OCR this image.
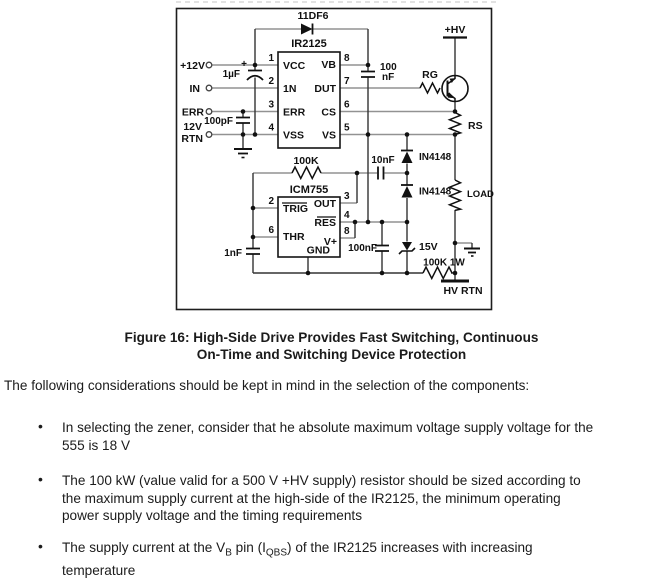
IR2125
ICM755
1
2
3
4
8
7
6
5
VCC
1N
ERR
VSS
VB
DUT
CS
VS
2
6
3
4
8
TRIG
THR
OUT
RES
V+
GND
11DF6
+12V
IN
ERR
12V
RTN
+
1µF
100pF
100
nF	RG
+HV
RS
100K	10nF IN4148
IN4148 LOAD
100nF
1nF
15V
100K 1W
HV RTN
Figure 16: High-Side Drive Provides Fast Switching, Continuous
On-Time and Switching Device Protection
The following considerations should be kept in mind in the selection of the components:
• In selecting the zener, consider that he absolute maximum voltage supply voltage for the
555 is 18 V
• The 100 kW (value valid for a 500 V +HV supply) resistor should be sized according to
the maximum supply current at the high-side of the IR2125, the minimum operating
power supply voltage and the timing requirements
• The supply current at the $V_B$ pin $(I_{QBS})$ of the IR2125 increases with increasing
temperature
